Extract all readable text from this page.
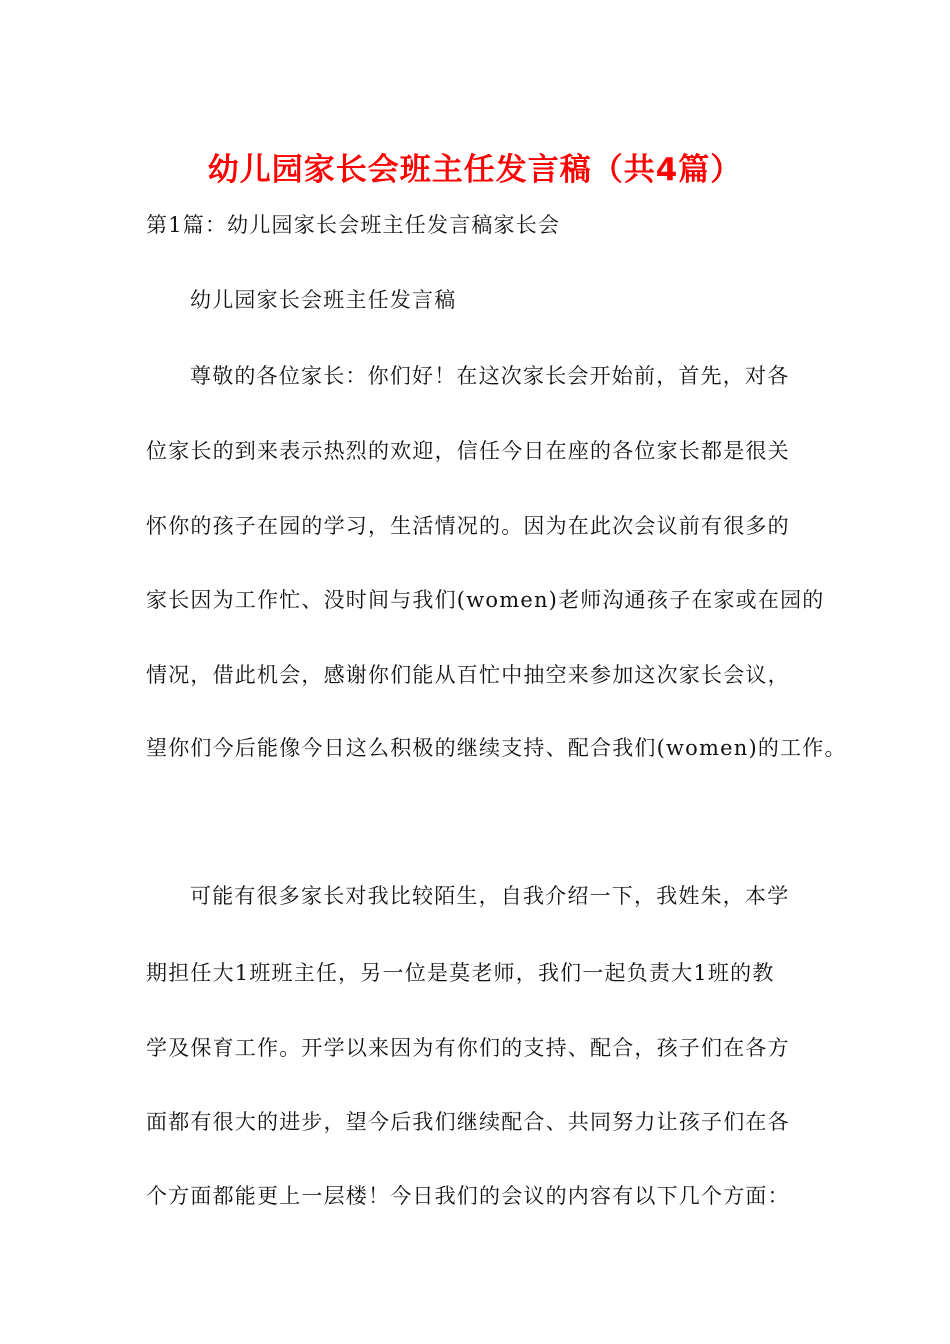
幼儿园家长会班主任发言稿（共4篇）
第1篇：幼儿园家长会班主任发言稿家长会
幼儿园家长会班主任发言稿
尊敬的各位家长：你们好！在这次家长会开始前，首先，对各
位家长的到来表示热烈的欢迎，信任今日在座的各位家长都是很关
怀你的孩子在园的学习，生活情况的。因为在此次会议前有很多的
家长因为工作忙、没时间与我们(women)老师沟通孩子在家或在园的
情况，借此机会，感谢你们能从百忙中抽空来参加这次家长会议，
望你们今后能像今日这么积极的继续支持、配合我们(women)的工作。
可能有很多家长对我比较陌生，自我介绍一下，我姓朱，本学
期担任大1班班主任，另一位是莫老师，我们一起负责大1班的教
学及保育工作。开学以来因为有你们的支持、配合，孩子们在各方
面都有很大的进步，望今后我们继续配合、共同努力让孩子们在各
个方面都能更上一层楼！今日我们的会议的内容有以下几个方面：
